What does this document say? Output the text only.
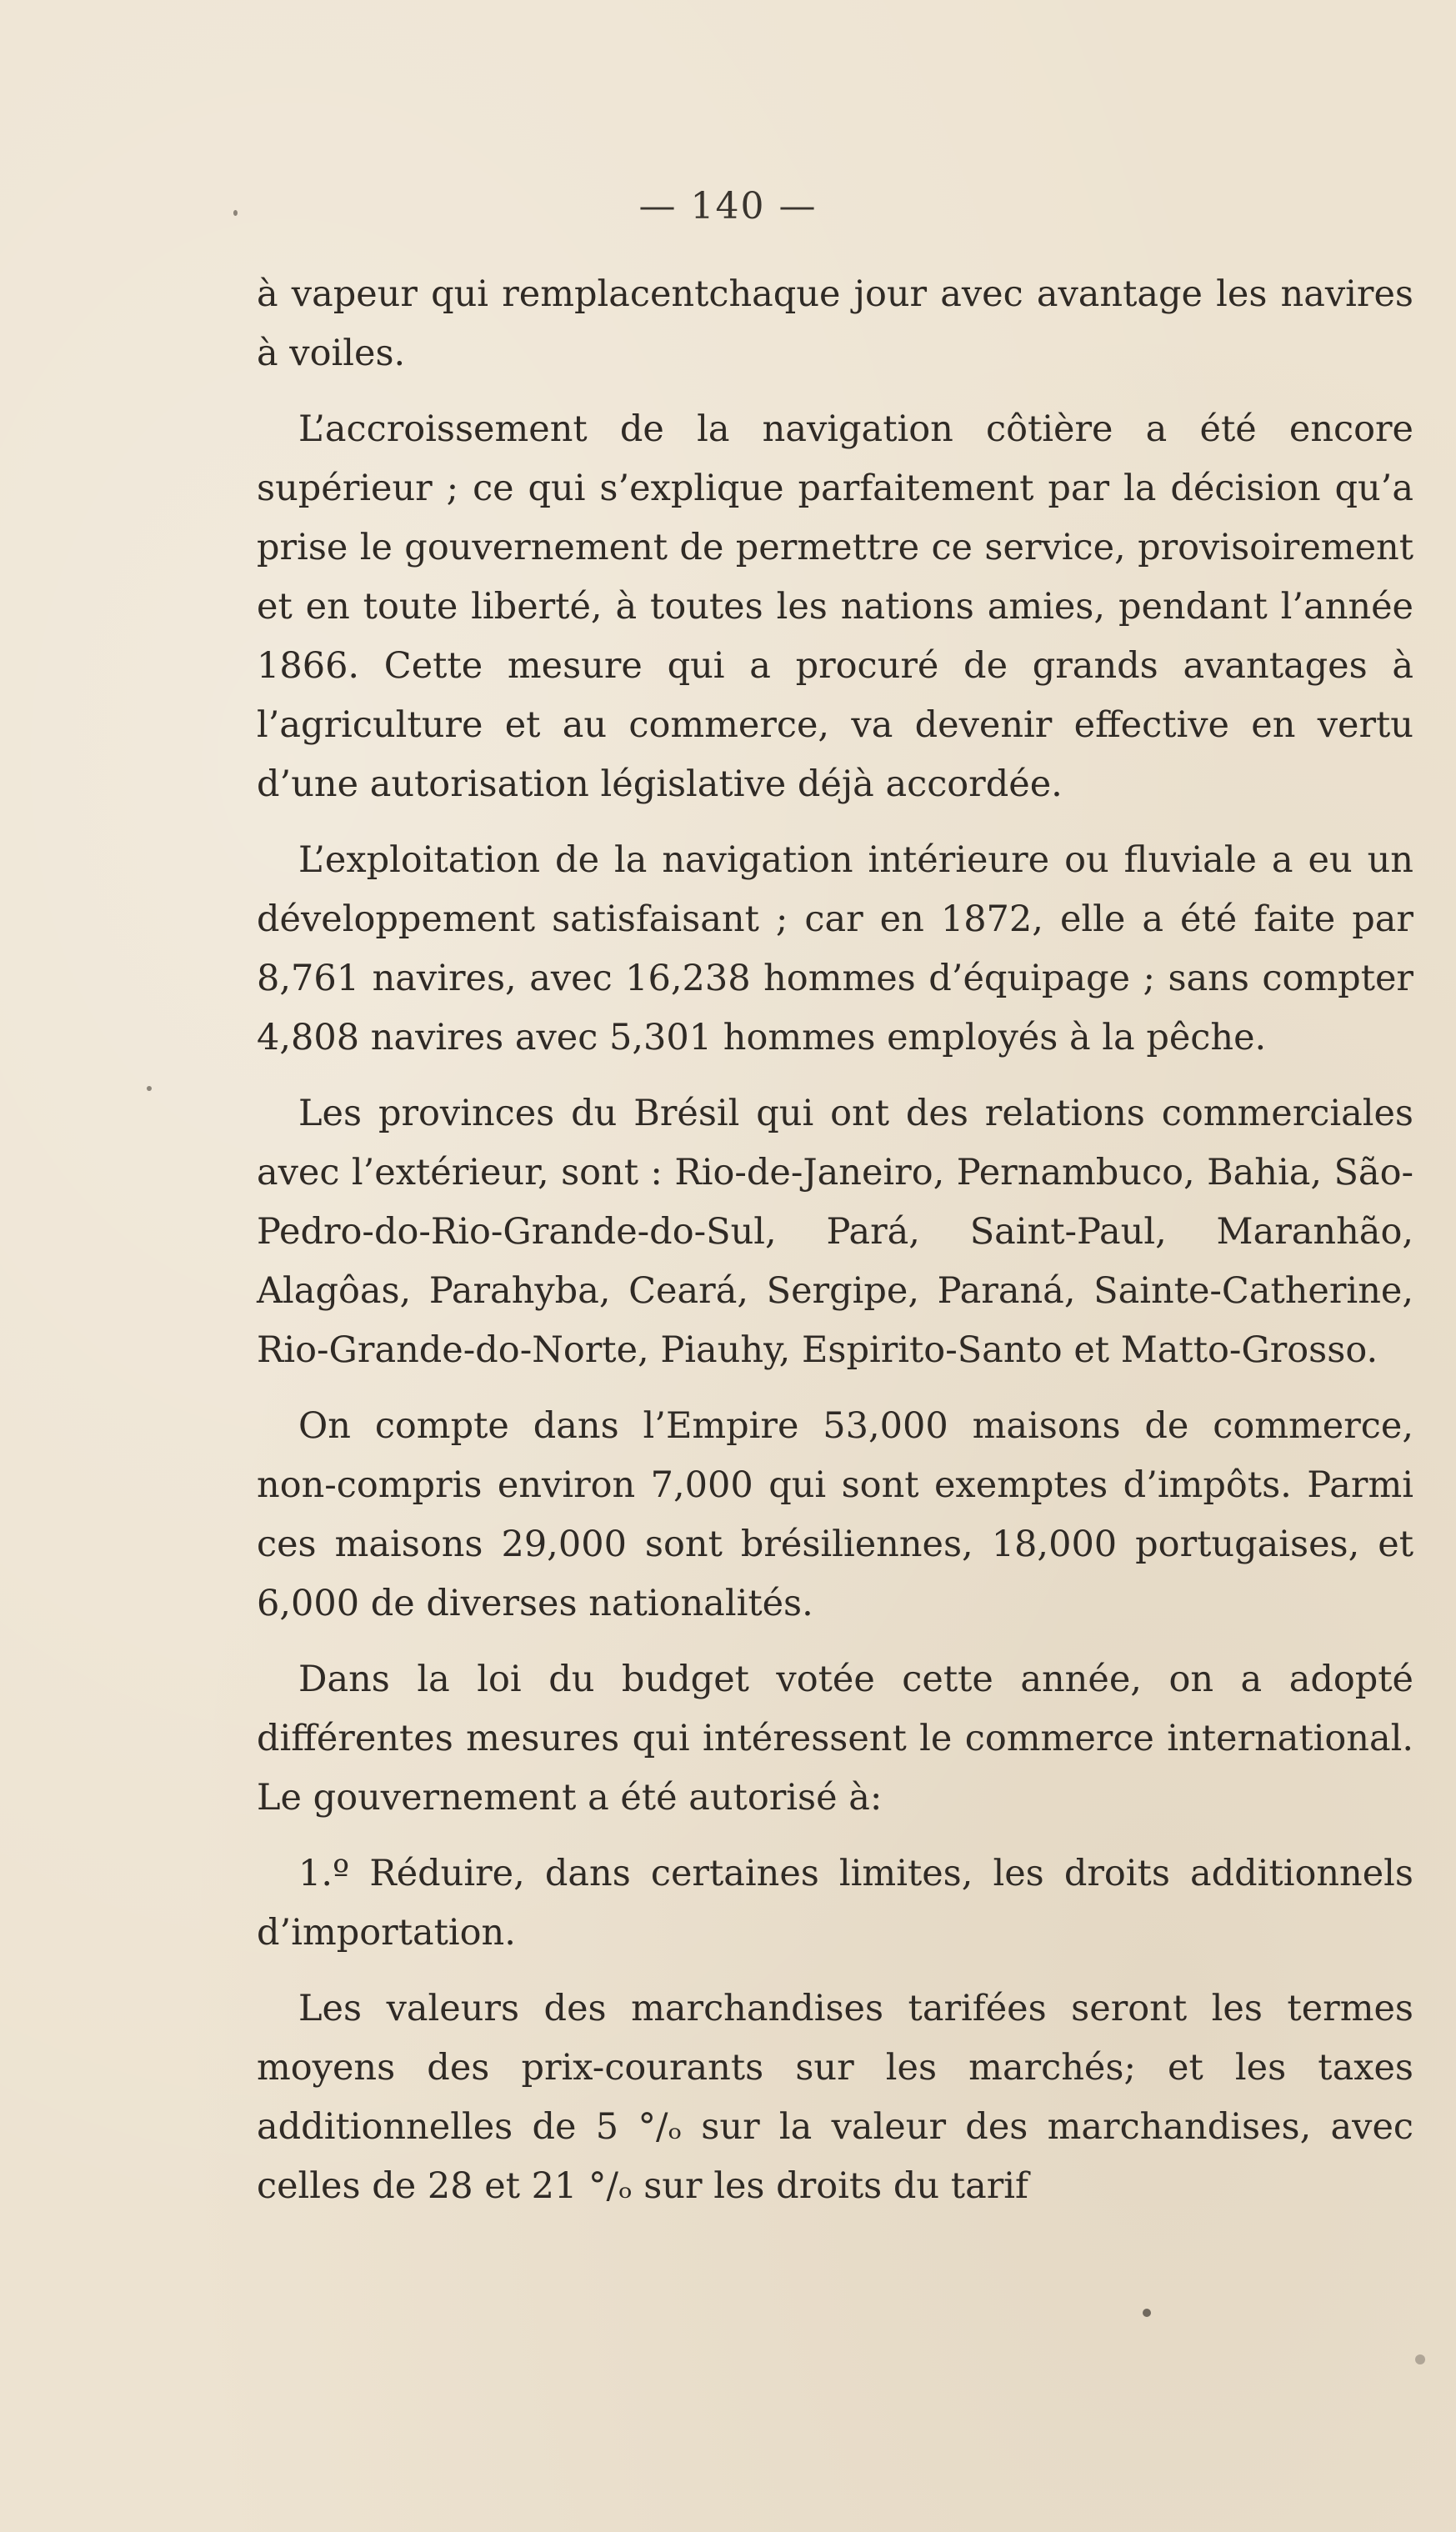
— 140 —

à vapeur qui remplacentchaque jour avec avantage les navires à voiles.

L’accroissement de la navigation côtière a été encore supérieur ; ce qui s’explique parfaitement par la décision qu’a prise le gouvernement de permettre ce service, provisoirement et en toute liberté, à toutes les nations amies, pendant l’année 1866. Cette mesure qui a procuré de grands avantages à l’agriculture et au commerce, va devenir effective en vertu d’une autorisation législative déjà accordée.

L’exploitation de la navigation intérieure ou fluviale a eu un développement satisfaisant ; car en 1872, elle a été faite par 8,761 navires, avec 16,238 hommes d’équipage ; sans compter 4,808 navires avec 5,301 hommes employés à la pêche.

Les provinces du Brésil qui ont des relations commerciales avec l’extérieur, sont : Rio-de-Janeiro, Pernambuco, Bahia, São-Pedro-do-Rio-Grande-do-Sul, Pará, Saint-Paul, Maranhão, Alagôas, Parahyba, Ceará, Sergipe, Paraná, Sainte-Catherine, Rio-Grande-do-Norte, Piauhy, Espirito-Santo et Matto-Grosso.

On compte dans l’Empire 53,000 maisons de commerce, non-compris environ 7,000 qui sont exemptes d’impôts. Parmi ces maisons 29,000 sont brésiliennes, 18,000 portugaises, et 6,000 de diverses nationalités.

Dans la loi du budget votée cette année, on a adopté différentes mesures qui intéressent le commerce international. Le gouvernement a été autorisé à:

1.º Réduire, dans certaines limites, les droits additionnels d’importation.

Les valeurs des marchandises tarifées seront les termes moyens des prix-courants sur les marchés; et les taxes additionnelles de 5 °/ₒ sur la valeur des marchandises, avec celles de 28 et 21 °/ₒ sur les droits du tarif
